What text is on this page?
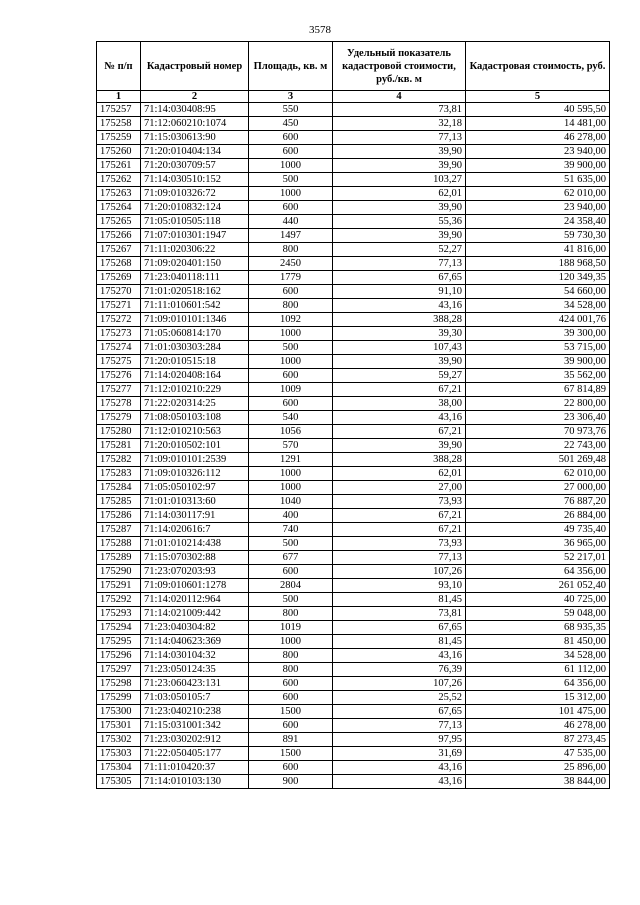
3578
№ п/п	Кадастровый номер	Площадь, кв. м	Удельный показатель кадастровой стоимости, руб./кв. м	Кадастровая стоимость, руб.
1	2	3	4	5
175257	71:14:030408:95	550	73,81	40 595,50
175258	71:12:060210:1074	450	32,18	14 481,00
175259	71:15:030613:90	600	77,13	46 278,00
175260	71:20:010404:134	600	39,90	23 940,00
175261	71:20:030709:57	1000	39,90	39 900,00
175262	71:14:030510:152	500	103,27	51 635,00
175263	71:09:010326:72	1000	62,01	62 010,00
175264	71:20:010832:124	600	39,90	23 940,00
175265	71:05:010505:118	440	55,36	24 358,40
175266	71:07:010301:1947	1497	39,90	59 730,30
175267	71:11:020306:22	800	52,27	41 816,00
175268	71:09:020401:150	2450	77,13	188 968,50
175269	71:23:040118:111	1779	67,65	120 349,35
175270	71:01:020518:162	600	91,10	54 660,00
175271	71:11:010601:542	800	43,16	34 528,00
175272	71:09:010101:1346	1092	388,28	424 001,76
175273	71:05:060814:170	1000	39,30	39 300,00
175274	71:01:030303:284	500	107,43	53 715,00
175275	71:20:010515:18	1000	39,90	39 900,00
175276	71:14:020408:164	600	59,27	35 562,00
175277	71:12:010210:229	1009	67,21	67 814,89
175278	71:22:020314:25	600	38,00	22 800,00
175279	71:08:050103:108	540	43,16	23 306,40
175280	71:12:010210:563	1056	67,21	70 973,76
175281	71:20:010502:101	570	39,90	22 743,00
175282	71:09:010101:2539	1291	388,28	501 269,48
175283	71:09:010326:112	1000	62,01	62 010,00
175284	71:05:050102:97	1000	27,00	27 000,00
175285	71:01:010313:60	1040	73,93	76 887,20
175286	71:14:030117:91	400	67,21	26 884,00
175287	71:14:020616:7	740	67,21	49 735,40
175288	71:01:010214:438	500	73,93	36 965,00
175289	71:15:070302:88	677	77,13	52 217,01
175290	71:23:070203:93	600	107,26	64 356,00
175291	71:09:010601:1278	2804	93,10	261 052,40
175292	71:14:020112:964	500	81,45	40 725,00
175293	71:14:021009:442	800	73,81	59 048,00
175294	71:23:040304:82	1019	67,65	68 935,35
175295	71:14:040623:369	1000	81,45	81 450,00
175296	71:14:030104:32	800	43,16	34 528,00
175297	71:23:050124:35	800	76,39	61 112,00
175298	71:23:060423:131	600	107,26	64 356,00
175299	71:03:050105:7	600	25,52	15 312,00
175300	71:23:040210:238	1500	67,65	101 475,00
175301	71:15:031001:342	600	77,13	46 278,00
175302	71:23:030202:912	891	97,95	87 273,45
175303	71:22:050405:177	1500	31,69	47 535,00
175304	71:11:010420:37	600	43,16	25 896,00
175305	71:14:010103:130	900	43,16	38 844,00
